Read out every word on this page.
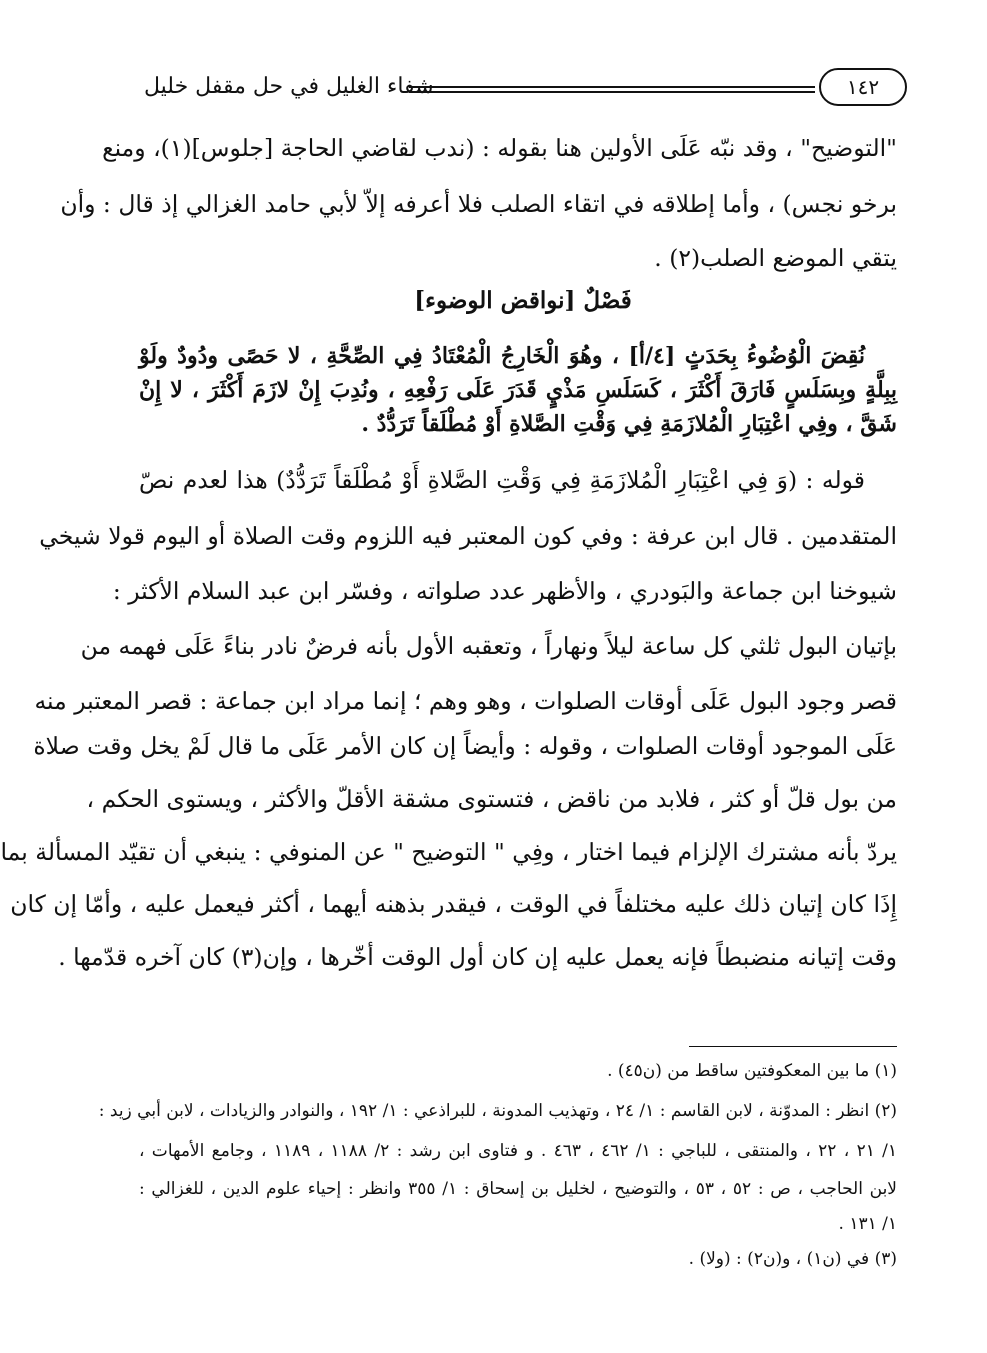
١٤٢
شفاء الغليل في حل مقفل خليل
"التوضيح" ، وقد نبّه عَلَى الأولين هنا بقوله : (ندب لقاضي الحاجة [جلوس](١)، ومنع
برخو نجس) ، وأما إطلاقه في اتقاء الصلب فلا أعرفه إلاّ لأبي حامد الغزالي إذ قال : وأن
يتقي الموضع الصلب(٢) .
فَصْلٌ [نواقض الوضوء]
نُقِضَ الْوُضُوءُ بِحَدَثٍ [٤/أ] ، وهُوَ الْخَارِجُ الْمُعْتَادُ فِي الصِّحَّةِ ، لا حَصًى ودُودٌ ولَوْ
بِبِلَّةٍ وبِسَلَسٍ فَارَقَ أَكْثَرَ ، كَسَلَسِ مَذْيٍ قَدَرَ عَلَى رَفْعِهِ ، ونُدِبَ إِنْ لازَمَ أَكْثَرَ ، لا إِنْ
شَقَّ ، وفِي اعْتِبَارِ الْمُلازَمَةِ فِي وَقْتِ الصَّلاةِ أَوْ مُطْلَقاً تَرَدُّدٌ .
قوله : (وَ فِي اعْتِبَارِ الْمُلازَمَةِ فِي وَقْتِ الصَّلاةِ أَوْ مُطْلَقاً تَرَدُّدٌ) هذا لعدم نصّ
المتقدمين . قال ابن عرفة : وفي كون المعتبر فيه اللزوم وقت الصلاة أو اليوم قولا شيخي
شيوخنا ابن جماعة والبَودري ، والأظهر عدد صلواته ، وفسّر ابن عبد السلام الأكثر :
بإتيان البول ثلثي كل ساعة ليلاً ونهاراً ، وتعقبه الأول بأنه فرضٌ نادر بناءً عَلَى فهمه من
قصر وجود البول عَلَى أوقات الصلوات ، وهو وهم ؛ إنما مراد ابن جماعة : قصر المعتبر منه
عَلَى الموجود أوقات الصلوات ، وقوله : وأيضاً إن كان الأمر عَلَى ما قال لَمْ يخل وقت صلاة
من بول قلّ أو كثر ، فلابد من ناقض ، فتستوى مشقة الأقلّ والأكثر ، ويستوى الحكم ،
يردّ بأنه مشترك الإلزام فيما اختار ، وفِي " التوضيح " عن المنوفي : ينبغي أن تقيّد المسألة بما
إِذَا كان إتيان ذلك عليه مختلفاً في الوقت ، فيقدر بذهنه أيهما ، أكثر فيعمل عليه ، وأمّا إن كان
وقت إتيانه منضبطاً فإنه يعمل عليه إن كان أول الوقت أخّرها ، وإن(٣) كان آخره قدّمها .
(١) ما بين المعكوفتين ساقط من (ن٤٥) .
(٢) انظر : المدوّنة ، لابن القاسم : ١/ ٢٤ ، وتهذيب المدونة ، للبراذعي : ١/ ١٩٢ ، والنوادر والزيادات ، لابن أبي زيد :
١/ ٢١ ، ٢٢ ، والمنتقى ، للباجي : ١/ ٤٦٢ ، ٤٦٣ . و فتاوى ابن رشد : ٢/ ١١٨٨ ، ١١٨٩ ، وجامع الأمهات ،
لابن الحاجب ، ص : ٥٢ ، ٥٣ ، والتوضيح ، لخليل بن إسحاق : ١/ ٣٥٥ وانظر : إحياء علوم الدين ، للغزالي :
١/ ١٣١ .
(٣) في (ن١) ، و(ن٢) : (ولا) .
